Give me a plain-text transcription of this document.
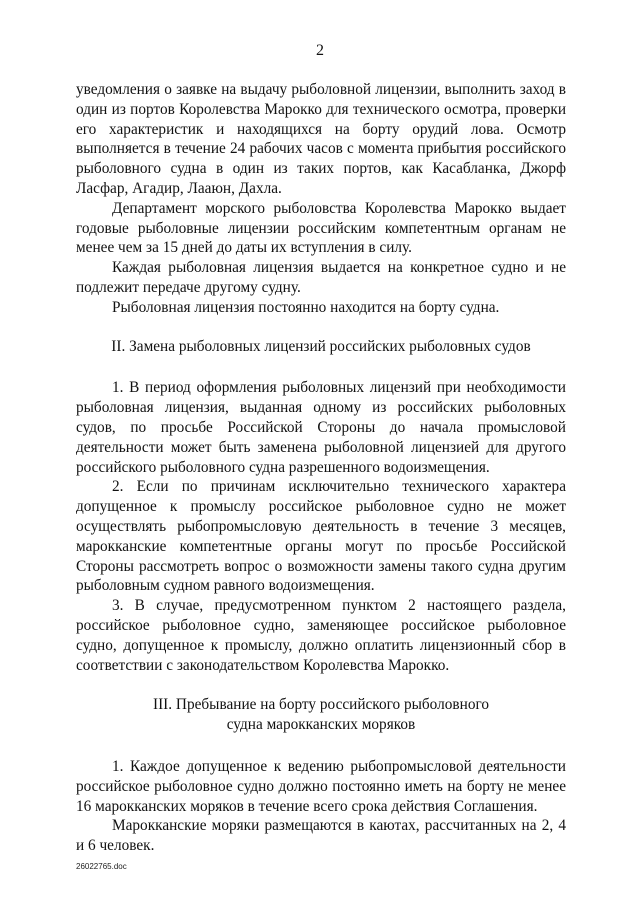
2

уведомления о заявке на выдачу рыболовной лицензии, выполнить заход в один из портов Королевства Марокко для технического осмотра, проверки его характеристик и находящихся на борту орудий лова. Осмотр выполняется в течение 24 рабочих часов с момента прибытия российского рыболовного судна в один из таких портов, как Касабланка, Джорф Ласфар, Агадир, Лааюн, Дахла.

Департамент морского рыболовства Королевства Марокко выдает годовые рыболовные лицензии российским компетентным органам не менее чем за 15 дней до даты их вступления в силу.

Каждая рыболовная лицензия выдается на конкретное судно и не подлежит передаче другому судну.

Рыболовная лицензия постоянно находится на борту судна.

II. Замена рыболовных лицензий российских рыболовных судов

1. В период оформления рыболовных лицензий при необходимости рыболовная лицензия, выданная одному из российских рыболовных судов, по просьбе Российской Стороны до начала промысловой деятельности может быть заменена рыболовной лицензией для другого российского рыболовного судна разрешенного водоизмещения.

2. Если по причинам исключительно технического характера допущенное к промыслу российское рыболовное судно не может осуществлять рыбопромысловую деятельность в течение 3 месяцев, марокканские компетентные органы могут по просьбе Российской Стороны рассмотреть вопрос о возможности замены такого судна другим рыболовным судном равного водоизмещения.

3. В случае, предусмотренном пунктом 2 настоящего раздела, российское рыболовное судно, заменяющее российское рыболовное судно, допущенное к промыслу, должно оплатить лицензионный сбор в соответствии с законодательством Королевства Марокко.

III. Пребывание на борту российского рыболовного
судна марокканских моряков

1. Каждое допущенное к ведению рыбопромысловой деятельности российское рыболовное судно должно постоянно иметь на борту не менее 16 марокканских моряков в течение всего срока действия Соглашения.

Марокканские моряки размещаются в каютах, рассчитанных на 2, 4 и 6 человек.

26022765.doc
